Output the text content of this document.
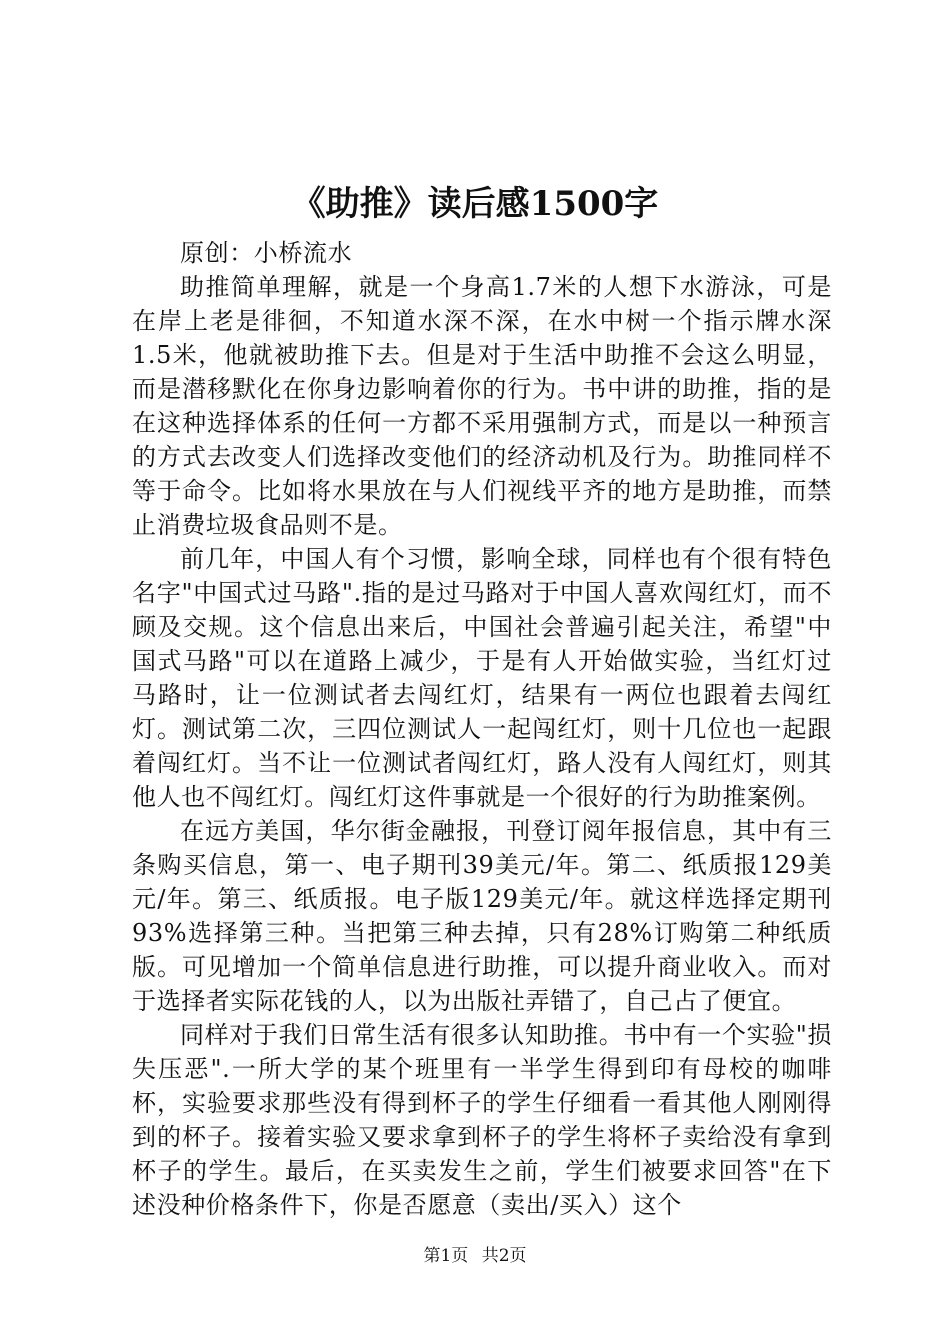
《助推》读后感1500字

原创：小桥流水

助推简单理解，就是一个身高1.7米的人想下水游泳，可是在岸上老是徘徊，不知道水深不深，在水中树一个指示牌水深1.5米，他就被助推下去。但是对于生活中助推不会这么明显，而是潜移默化在你身边影响着你的行为。书中讲的助推，指的是在这种选择体系的任何一方都不采用强制方式，而是以一种预言的方式去改变人们选择改变他们的经济动机及行为。助推同样不等于命令。比如将水果放在与人们视线平齐的地方是助推，而禁止消费垃圾食品则不是。

前几年，中国人有个习惯，影响全球，同样也有个很有特色名字"中国式过马路".指的是过马路对于中国人喜欢闯红灯，而不顾及交规。这个信息出来后，中国社会普遍引起关注，希望"中国式马路"可以在道路上减少，于是有人开始做实验，当红灯过马路时，让一位测试者去闯红灯，结果有一两位也跟着去闯红灯。测试第二次，三四位测试人一起闯红灯，则十几位也一起跟着闯红灯。当不让一位测试者闯红灯，路人没有人闯红灯，则其他人也不闯红灯。闯红灯这件事就是一个很好的行为助推案例。

在远方美国，华尔街金融报，刊登订阅年报信息，其中有三条购买信息，第一、电子期刊39美元/年。第二、纸质报129美元/年。第三、纸质报。电子版129美元/年。就这样选择定期刊93%选择第三种。当把第三种去掉，只有28%订购第二种纸质版。可见增加一个简单信息进行助推，可以提升商业收入。而对于选择者实际花钱的人，以为出版社弄错了，自己占了便宜。

同样对于我们日常生活有很多认知助推。书中有一个实验"损失压恶".一所大学的某个班里有一半学生得到印有母校的咖啡杯，实验要求那些没有得到杯子的学生仔细看一看其他人刚刚得到的杯子。接着实验又要求拿到杯子的学生将杯子卖给没有拿到杯子的学生。最后，在买卖发生之前，学生们被要求回答"在下述没种价格条件下，你是否愿意（卖出/买入）这个

第1页 共2页
